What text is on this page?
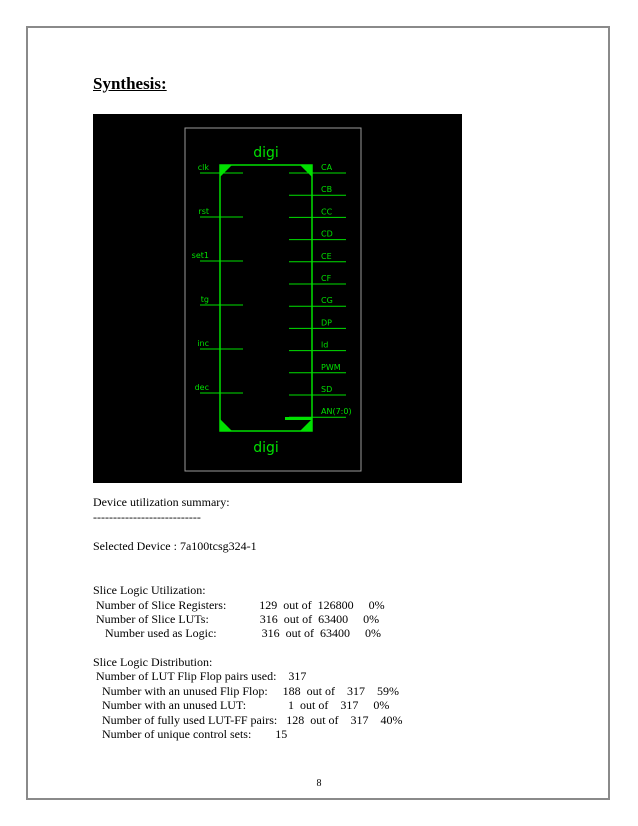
Synthesis:
digi
digi
clk
rst
set1
tg
inc
dec
CA
CB
CC
CD
CE
CF
CG
DP
ld
PWM
SD
AN(7:0)
Device utilization summary:
---------------------------
Selected Device : 7a100tcsg324-1
Slice Logic Utilization:
Number of Slice Registers:           129  out of  126800     0%
Number of Slice LUTs:                 316  out of  63400     0%
Number used as Logic:               316  out of  63400     0%
Slice Logic Distribution:
Number of LUT Flip Flop pairs used:    317
Number with an unused Flip Flop:     188  out of    317    59%
Number with an unused LUT:              1  out of    317     0%
Number of fully used LUT-FF pairs:   128  out of    317    40%
Number of unique control sets:        15
8
